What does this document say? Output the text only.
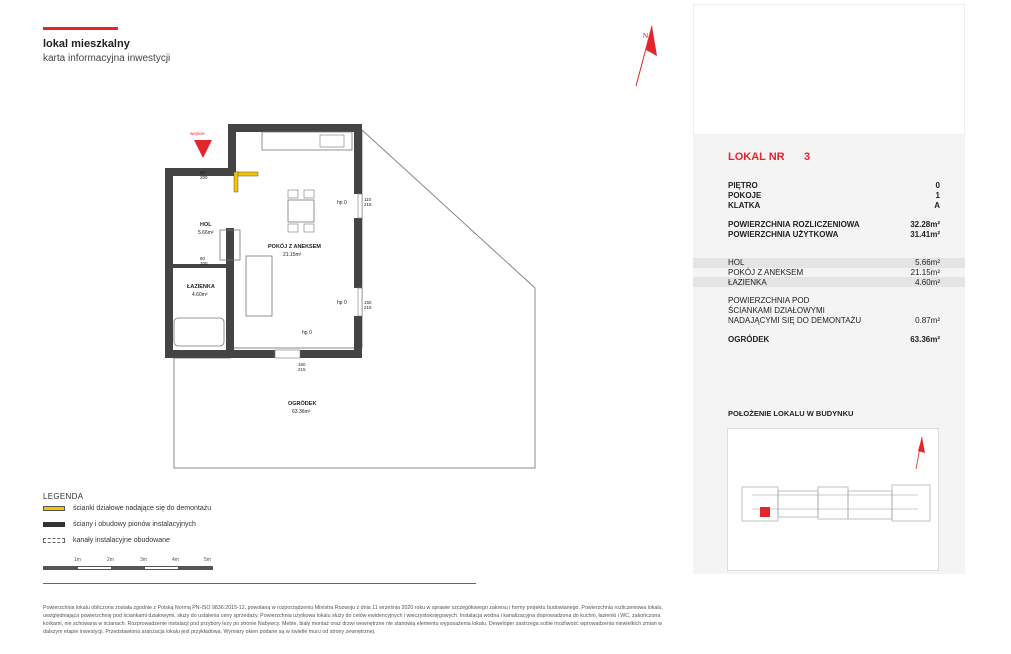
lokal mieszkalny
karta informacyjna inwestycji
N
wejście
HOL
5.66m²
POKÓJ Z ANEKSEM
21.15m²
ŁAZIENKA
4.60m²
hp 0
hp 0
hp 0
90
200
80
200
110
215
150
215
160
215
OGRÓDEK
63.36m²
LEGENDA
ścianki działowe nadające się do demontażu
ściany i obudowy pionów instalacyjnych
kanały instalacyjne obudowane
1m	2m	3m	4m	5m
Powierzchnia lokalu obliczona została zgodnie z Polską Normą PN-ISO 9836:2015-12, powołaną w rozporządzeniu Ministra Rozwoju z dnia 11 września 2020 roku w sprawie szczegółowego zakresu i formy projektu budowlanego. Powierzchnia rozliczeniowa lokalu, uwzględniająca powierzchnię pod ściankami działowymi, służy do ustalenia ceny sprzedaży. Powierzchnia użytkowa lokalu służy do celów ewidencyjnych i wieczystoksięgowych. Instalacja wodna i kanalizacyjna doprowadzona do kuchni, łazienki i WC, zakończona korkami, nie schowana w ścianach. Rozprowadzenie instalacji pod przybory leży po stronie Nabywcy. Meble, biały montaż oraz drzwi wewnętrzne nie stanowią elementu wyposażenia lokalu. Deweloper zastrzega sobie możliwość wprowadzenia niewielkich zmian w dalszym etapie inwestycji. Przedstawiona aranżacja lokalu jest przykładowa. Wymiary okien podane są w świetle muru od strony zewnętrznej.
LOKAL NR 3
PIĘTRO	0
POKOJE	1
KLATKA	A
POWIERZCHNIA ROZLICZENIOWA	32.28m²
POWIERZCHNIA UŻYTKOWA	31.41m²
HOL	5.66m²
POKÓJ Z ANEKSEM	21.15m²
ŁAZIENKA	4.60m²
POWIERZCHNIA POD
ŚCIANKAMI DZIAŁOWYMI
NADAJĄCYMI SIĘ DO DEMONTAŻU	0.87m²
OGRÓDEK	63.36m²
POŁOŻENIE LOKALU W BUDYNKU
